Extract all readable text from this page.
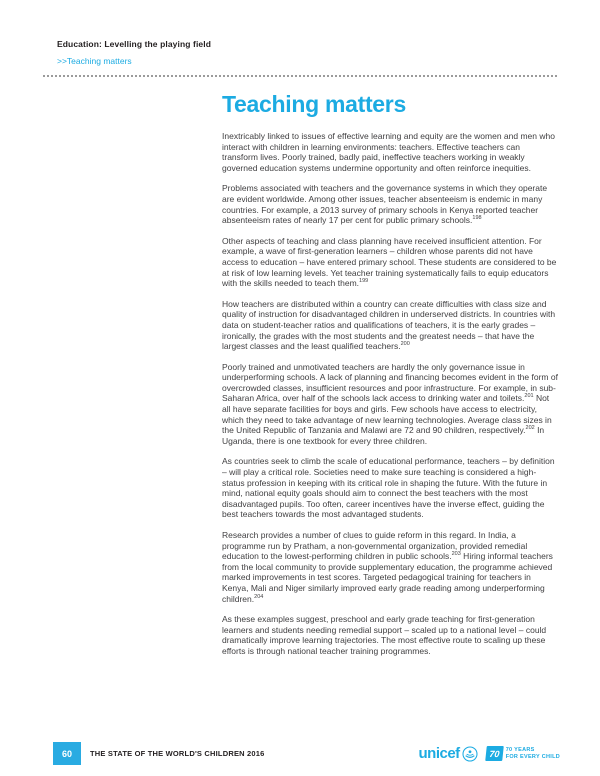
Education: Levelling the playing field
>>Teaching matters
Teaching matters

Inextricably linked to issues of effective learning and equity are the women and men who interact with children in learning environments: teachers. Effective teachers can transform lives. Poorly trained, badly paid, ineffective teachers working in weakly governed education systems undermine opportunity and often reinforce inequities.

Problems associated with teachers and the governance systems in which they operate are evident worldwide. Among other issues, teacher absenteeism is endemic in many countries. For example, a 2013 survey of primary schools in Kenya reported teacher absenteeism rates of nearly 17 per cent for public primary schools.$^{198}$

Other aspects of teaching and class planning have received insufficient attention. For example, a wave of first-generation learners – children whose parents did not have access to education – have entered primary school. These students are considered to be at risk of low learning levels. Yet teacher training systematically fails to equip educators with the skills needed to teach them.$^{199}$

How teachers are distributed within a country can create difficulties with class size and quality of instruction for disadvantaged children in underserved districts. In countries with data on student-teacher ratios and qualifications of teachers, it is the early grades – ironically, the grades with the most students and the greatest needs – that have the largest classes and the least qualified teachers.$^{200}$

Poorly trained and unmotivated teachers are hardly the only governance issue in underperforming schools. A lack of planning and financing becomes evident in the form of overcrowded classes, insufficient resources and poor infrastructure. For example, in sub-Saharan Africa, over half of the schools lack access to drinking water and toilets.$^{201}$ Not all have separate facilities for boys and girls. Few schools have access to electricity, which they need to take advantage of new learning technologies. Average class sizes in the United Republic of Tanzania and Malawi are 72 and 90 children, respectively.$^{202}$ In Uganda, there is one textbook for every three children.

As countries seek to climb the scale of educational performance, teachers – by definition – will play a critical role. Societies need to make sure teaching is considered a high-status profession in keeping with its critical role in shaping the future. With the future in mind, national equity goals should aim to connect the best teachers with the most disadvantaged pupils. Too often, career incentives have the inverse effect, guiding the best teachers towards the most advantaged students.

Research provides a number of clues to guide reform in this regard. In India, a programme run by Pratham, a non-governmental organization, provided remedial education to the lowest-performing children in public schools.$^{203}$ Hiring informal teachers from the local community to provide supplementary education, the programme achieved marked improvements in test scores. Targeted pedagogical training for teachers in Kenya, Mali and Niger similarly improved early grade reading among underperforming children.$^{204}$

As these examples suggest, preschool and early grade teaching for first-generation learners and students needing remedial support – scaled up to a national level – could dramatically improve learning trajectories. The most effective route to scaling up these efforts is through national teacher training programmes.

60	THE STATE OF THE WORLD'S CHILDREN 2016	unicef	70	70 YEARS
FOR EVERY CHILD
